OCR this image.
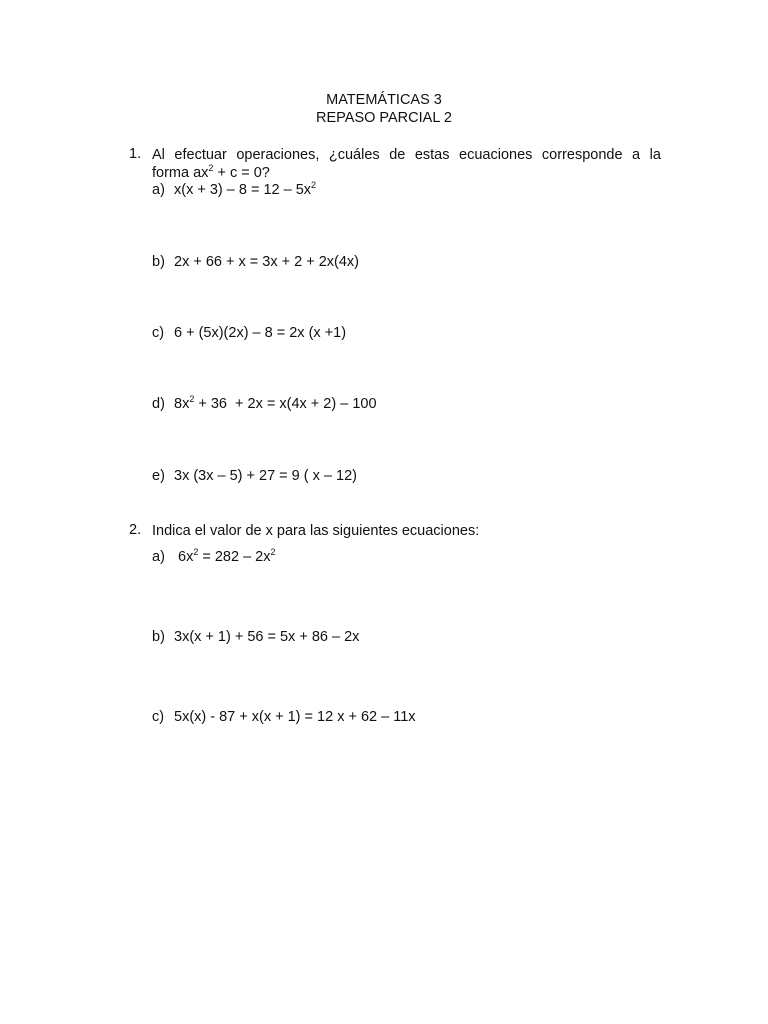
MATEMÁTICAS 3
REPASO PARCIAL 2
1. Al efectuar operaciones, ¿cuáles de estas ecuaciones corresponde a la
forma $ax^2 + c = 0$?
a) $x(x + 3) - 8 = 12 - 5x^2$
b) 2x + 66 + x = 3x + 2 + 2x(4x)
c) 6 + (5x)(2x) – 8 = 2x (x +1)
d) $8x^2 + 36 + 2x = x(4x + 2) - 100$
e) 3x (3x – 5) + 27 = 9 ( x – 12)
2. Indica el valor de x para las siguientes ecuaciones:
a) $6x^2 = 282 - 2x^2$
b) 3x(x + 1) + 56 = 5x + 86 – 2x
c) 5x(x) - 87 + x(x + 1) = 12 x + 62 – 11x
